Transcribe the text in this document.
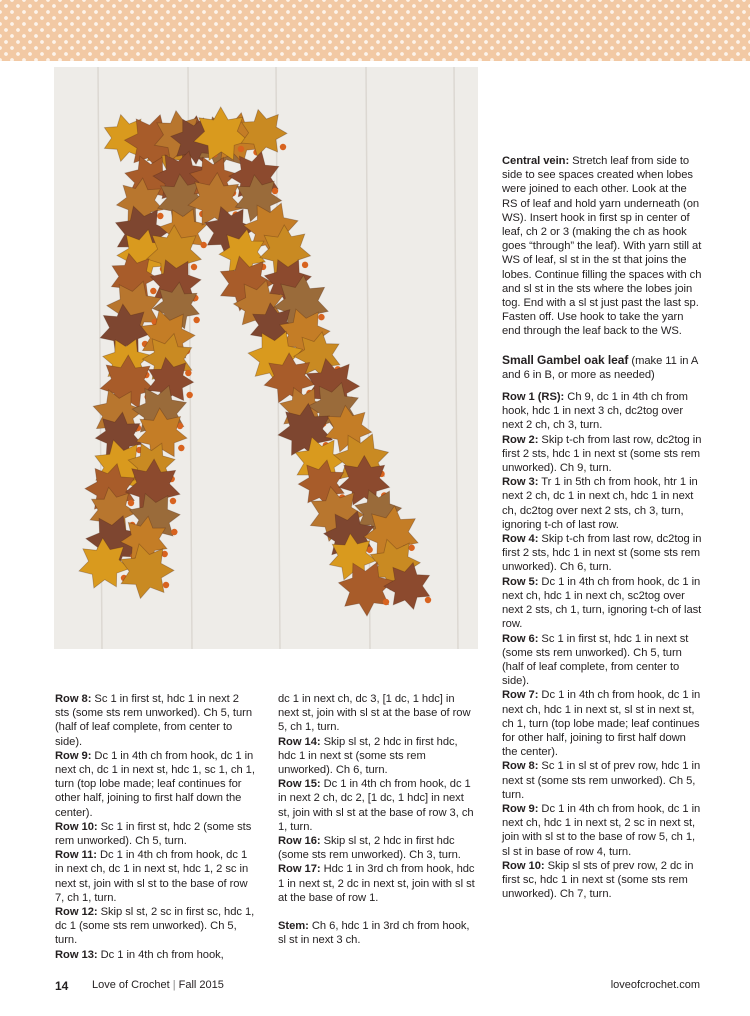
Row 8: Sc 1 in first st, hdc 1 in next 2 sts (some sts rem unworked). Ch 5, turn (half of leaf complete, from center to side).

Row 9: Dc 1 in 4th ch from hook, dc 1 in next ch, dc 1 in next st, hdc 1, sc 1, ch 1, turn (top lobe made; leaf continues for other half, joining to first half down the center).

Row 10: Sc 1 in first st, hdc 2 (some sts rem unworked). Ch 5, turn.

Row 11: Dc 1 in 4th ch from hook, dc 1 in next ch, dc 1 in next st, hdc 1, 2 sc in next st, join with sl st to the base of row 7, ch 1, turn.

Row 12: Skip sl st, 2 sc in first sc, hdc 1, dc 1 (some sts rem unworked). Ch 5, turn.

Row 13: Dc 1 in 4th ch from hook,

dc 1 in next ch, dc 3, [1 dc, 1 hdc] in next st, join with sl st at the base of row 5, ch 1, turn.

Row 14: Skip sl st, 2 hdc in first hdc, hdc 1 in next st (some sts rem unworked). Ch 6, turn.

Row 15: Dc 1 in 4th ch from hook, dc 1 in next 2 ch, dc 2, [1 dc, 1 hdc] in next st, join with sl st at the base of row 3, ch 1, turn.

Row 16: Skip sl st, 2 hdc in first hdc (some sts rem unworked). Ch 3, turn.

Row 17: Hdc 1 in 3rd ch from hook, hdc 1 in next st, 2 dc in next st, join with sl st at the base of row 1.

Stem: Ch 6, hdc 1 in 3rd ch from hook, sl st in next 3 ch.

Central vein: Stretch leaf from side to side to see spaces created when lobes were joined to each other. Look at the RS of leaf and hold yarn underneath (on WS). Insert hook in first sp in center of leaf, ch 2 or 3 (making the ch as hook goes “through” the leaf). With yarn still at WS of leaf, sl st in the st that joins the lobes. Continue filling the spaces with ch and sl st in the sts where the lobes join tog. End with a sl st just past the last sp. Fasten off. Use hook to take the yarn end through the leaf back to the WS.

Small Gambel oak leaf (make 11 in A and 6 in B, or more as needed)

Row 1 (RS): Ch 9, dc 1 in 4th ch from hook, hdc 1 in next 3 ch, dc2tog over next 2 ch, ch 3, turn.

Row 2: Skip t-ch from last row, dc2tog in first 2 sts, hdc 1 in next st (some sts rem unworked). Ch 9, turn.

Row 3: Tr 1 in 5th ch from hook, htr 1 in next 2 ch, dc 1 in next ch, hdc 1 in next ch, dc2tog over next 2 sts, ch 3, turn, ignoring t-ch of last row.

Row 4: Skip t-ch from last row, dc2tog in first 2 sts, hdc 1 in next st (some sts rem unworked). Ch 6, turn.

Row 5: Dc 1 in 4th ch from hook, dc 1 in next ch, hdc 1 in next ch, sc2tog over next 2 sts, ch 1, turn, ignoring t-ch of last row.

Row 6: Sc 1 in first st, hdc 1 in next st (some sts rem unworked). Ch 5, turn (half of leaf complete, from center to side).

Row 7: Dc 1 in 4th ch from hook, dc 1 in next ch, hdc 1 in next st, sl st in next st, ch 1, turn (top lobe made; leaf continues for other half, joining to first half down the center).

Row 8: Sc 1 in sl st of prev row, hdc 1 in next st (some sts rem unworked). Ch 5, turn.

Row 9: Dc 1 in 4th ch from hook, dc 1 in next ch, hdc 1 in next st, 2 sc in next st, join with sl st to the base of row 5, ch 1, sl st in base of row 4, turn.

Row 10: Skip sl sts of prev row, 2 dc in first sc, hdc 1 in next st (some sts rem unworked). Ch 7, turn.

14 Love of Crochet | Fall 2015	loveofcrochet.com
